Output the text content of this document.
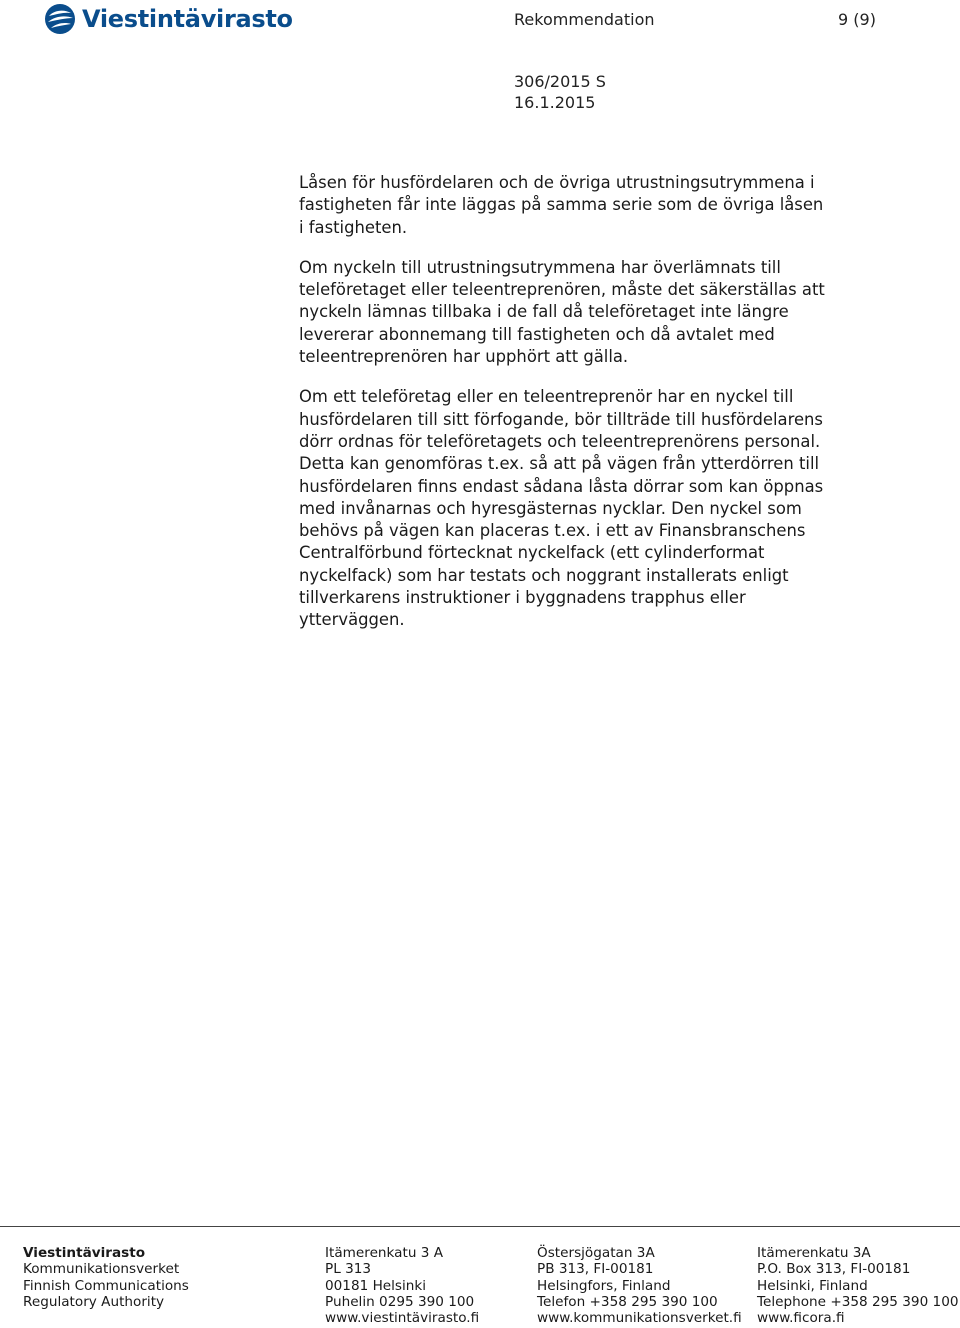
Viestintävirasto	Rekommendation	9 (9)
306/2015 S
16.1.2015

Låsen för husfördelaren och de övriga utrustningsutrymmena i
fastigheten får inte läggas på samma serie som de övriga låsen
i fastigheten.

Om nyckeln till utrustningsutrymmena har överlämnats till
teleföretaget eller teleentreprenören, måste det säkerställas att
nyckeln lämnas tillbaka i de fall då teleföretaget inte längre
levererar abonnemang till fastigheten och då avtalet med
teleentreprenören har upphört att gälla.

Om ett teleföretag eller en teleentreprenör har en nyckel till
husfördelaren till sitt förfogande, bör tillträde till husfördelarens
dörr ordnas för teleföretagets och teleentreprenörens personal.
Detta kan genomföras t.ex. så att på vägen från ytterdörren till
husfördelaren finns endast sådana låsta dörrar som kan öppnas
med invånarnas och hyresgästernas nycklar. Den nyckel som
behövs på vägen kan placeras t.ex. i ett av Finansbranschens
Centralförbund förtecknat nyckelfack (ett cylinderformat
nyckelfack) som har testats och noggrant installerats enligt
tillverkarens instruktioner i byggnadens trapphus eller
ytterväggen.

Viestintävirasto
Kommunikationsverket
Finnish Communications
Regulatory Authority
Itämerenkatu 3 A
PL 313
00181 Helsinki
Puhelin 0295 390 100
www.viestintävirasto.fi
Östersjögatan 3A
PB 313, FI-00181
Helsingfors, Finland
Telefon +358 295 390 100
www.kommunikationsverket.fi
Itämerenkatu 3A
P.O. Box 313, FI-00181
Helsinki, Finland
Telephone +358 295 390 100
www.ficora.fi
